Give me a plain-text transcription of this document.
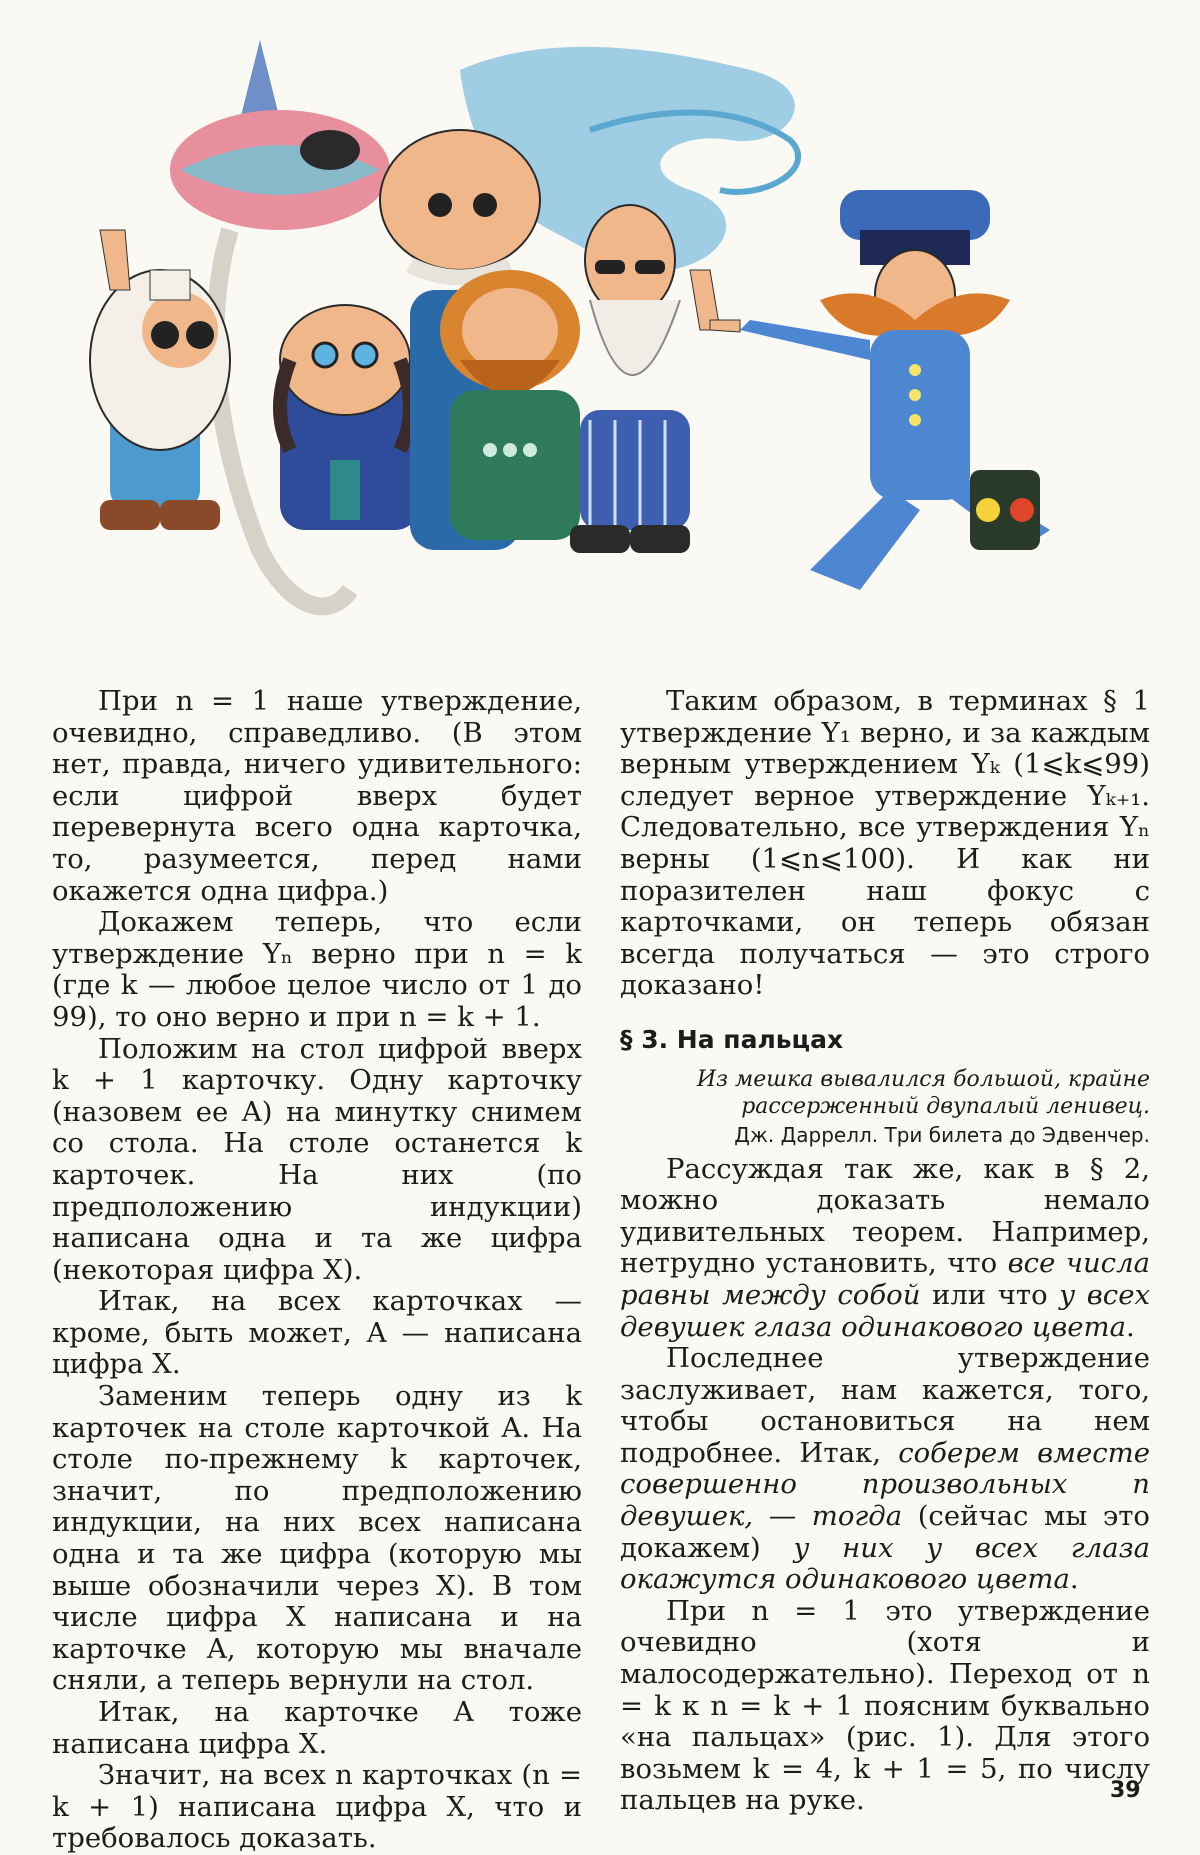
При n = 1 наше утверждение, очевидно, справедливо. (В этом нет, правда, ничего удивительного: если цифрой вверх будет перевернута всего одна карточка, то, разумеется, перед нами окажется одна цифра.)

Докажем теперь, что если утверждение Yₙ верно при n = k (где k — любое целое число от 1 до 99), то оно верно и при n = k + 1.

Положим на стол цифрой вверх k + 1 карточку. Одну карточку (назовем ее A) на минутку снимем со стола. На столе останется k карточек. На них (по предположению индукции) написана одна и та же цифра (некоторая цифра X).

Итак, на всех карточках — кроме, быть может, A — написана цифра X.

Заменим теперь одну из k карточек на столе карточкой A. На столе по-прежнему k карточек, значит, по предположению индукции, на них всех написана одна и та же цифра (которую мы выше обозначили через X). В том числе цифра X написана и на карточке A, которую мы вначале сняли, а теперь вернули на стол.

Итак, на карточке A тоже написана цифра X.

Значит, на всех n карточках (n = k + 1) написана цифра X, что и требовалось доказать.

Таким образом, в терминах § 1 утверждение Y₁ верно, и за каждым верным утверждением Yₖ (1⩽k⩽99) следует верное утверждение Yₖ₊₁. Следовательно, все утверждения Yₙ верны (1⩽n⩽100). И как ни поразителен наш фокус с карточками, он теперь обязан всегда получаться — это строго доказано!

§ 3. На пальцах

Из мешка вывалился большой, крайне рассерженный двупалый ленивец.

Дж. Даррелл. Три билета до Эдвенчер.

Рассуждая так же, как в § 2, можно доказать немало удивительных теорем. Например, нетрудно установить, что все числа равны между собой или что у всех девушек глаза одинакового цвета.

Последнее утверждение заслуживает, нам кажется, того, чтобы остановиться на нем подробнее. Итак, соберем вместе совершенно произвольных n девушек, — тогда (сейчас мы это докажем) у них у всех глаза окажутся одинакового цвета.

При n = 1 это утверждение очевидно (хотя и малосодержательно). Переход от n = k к n = k + 1 поясним буквально «на пальцах» (рис. 1). Для этого возьмем k = 4, k + 1 = 5, по числу пальцев на руке.	39
